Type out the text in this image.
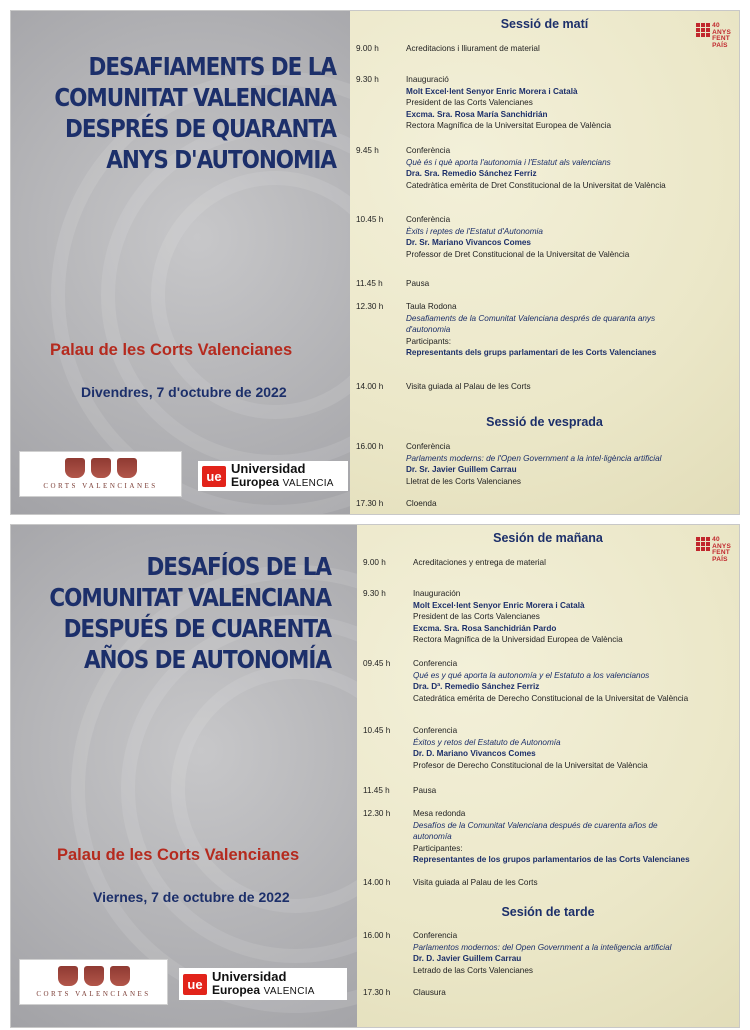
DESAFIAMENTS DE LA
COMUNITAT VALENCIANA
DESPRÉS DE QUARANTA
ANYS D'AUTONOMIA
Palau de les Corts Valencianes
Divendres, 7 d'octubre de 2022
CORTS VALENCIANES
ue Universidad
Europea VALENCIA
40
ANYS
FENT
PAÍS
Sessió de matí
9.00 h	Acreditacions i lliurament de material
9.30 h	Inauguració
Molt Excel·lent Senyor Enric Morera i Català
President de las Corts Valencianes
Excma. Sra. Rosa María Sanchidrián
Rectora Magnífica de la Universitat Europea de València
9.45 h	Conferència
Què és i què aporta l'autonomia i l'Estatut als valencians
Dra. Sra. Remedio Sánchez Ferriz
Catedràtica emèrita de Dret Constitucional de la Universitat de València
10.45 h	Conferència
Èxits i reptes de l'Estatut d'Autonomia
Dr. Sr. Mariano Vivancos Comes
Professor de Dret Constitucional de la Universitat de València
11.45 h	Pausa
12.30 h	Taula Rodona
Desafiaments de la Comunitat Valenciana després de quaranta anys
d'autonomia
Participants:
Representants dels grups parlamentari de les Corts Valencianes
14.00 h	Visita guiada al Palau de les Corts
Sessió de vesprada
16.00 h	Conferència
Parlaments moderns: de l'Open Government a la intel·ligència artificial
Dr. Sr. Javier Guillem Carrau
Lletrat de les Corts Valencianes
17.30 h	Cloenda
DESAFÍOS DE LA
COMUNITAT VALENCIANA
DESPUÉS DE CUARENTA
AÑOS DE AUTONOMÍA
Palau de les Corts Valencianes
Viernes, 7 de octubre de 2022
CORTS VALENCIANES
ue Universidad
Europea VALENCIA
40
ANYS
FENT
PAÍS
Sesión de mañana
9.00 h	Acreditaciones y entrega de material
9.30 h	Inauguración
Molt Excel·lent Senyor Enric Morera i Català
President de las Corts Valencianes
Excma. Sra. Rosa Sanchidrián Pardo
Rectora Magnífica de la Universidad Europea de València
09.45 h	Conferencia
Qué es y qué aporta la autonomía y el Estatuto a los valencianos
Dra. Dª. Remedio Sánchez Ferriz
Catedrática emérita de Derecho Constitucional de la Universitat de València
10.45 h	Conferencia
Éxitos y retos del Estatuto de Autonomía
Dr. D. Mariano Vivancos Comes
Profesor de Derecho Constitucional de la Universitat de València
11.45 h	Pausa
12.30 h	Mesa redonda
Desafíos de la Comunitat Valenciana después de cuarenta años de
autonomía
Participantes:
Representantes de los grupos parlamentarios de las Corts Valencianes
14.00 h	Visita guiada al Palau de les Corts
Sesión de tarde
16.00 h	Conferencia
Parlamentos modernos: del Open Government a la inteligencia artificial
Dr. D. Javier Guillem Carrau
Letrado de las Corts Valencianes
17.30 h	Clausura
